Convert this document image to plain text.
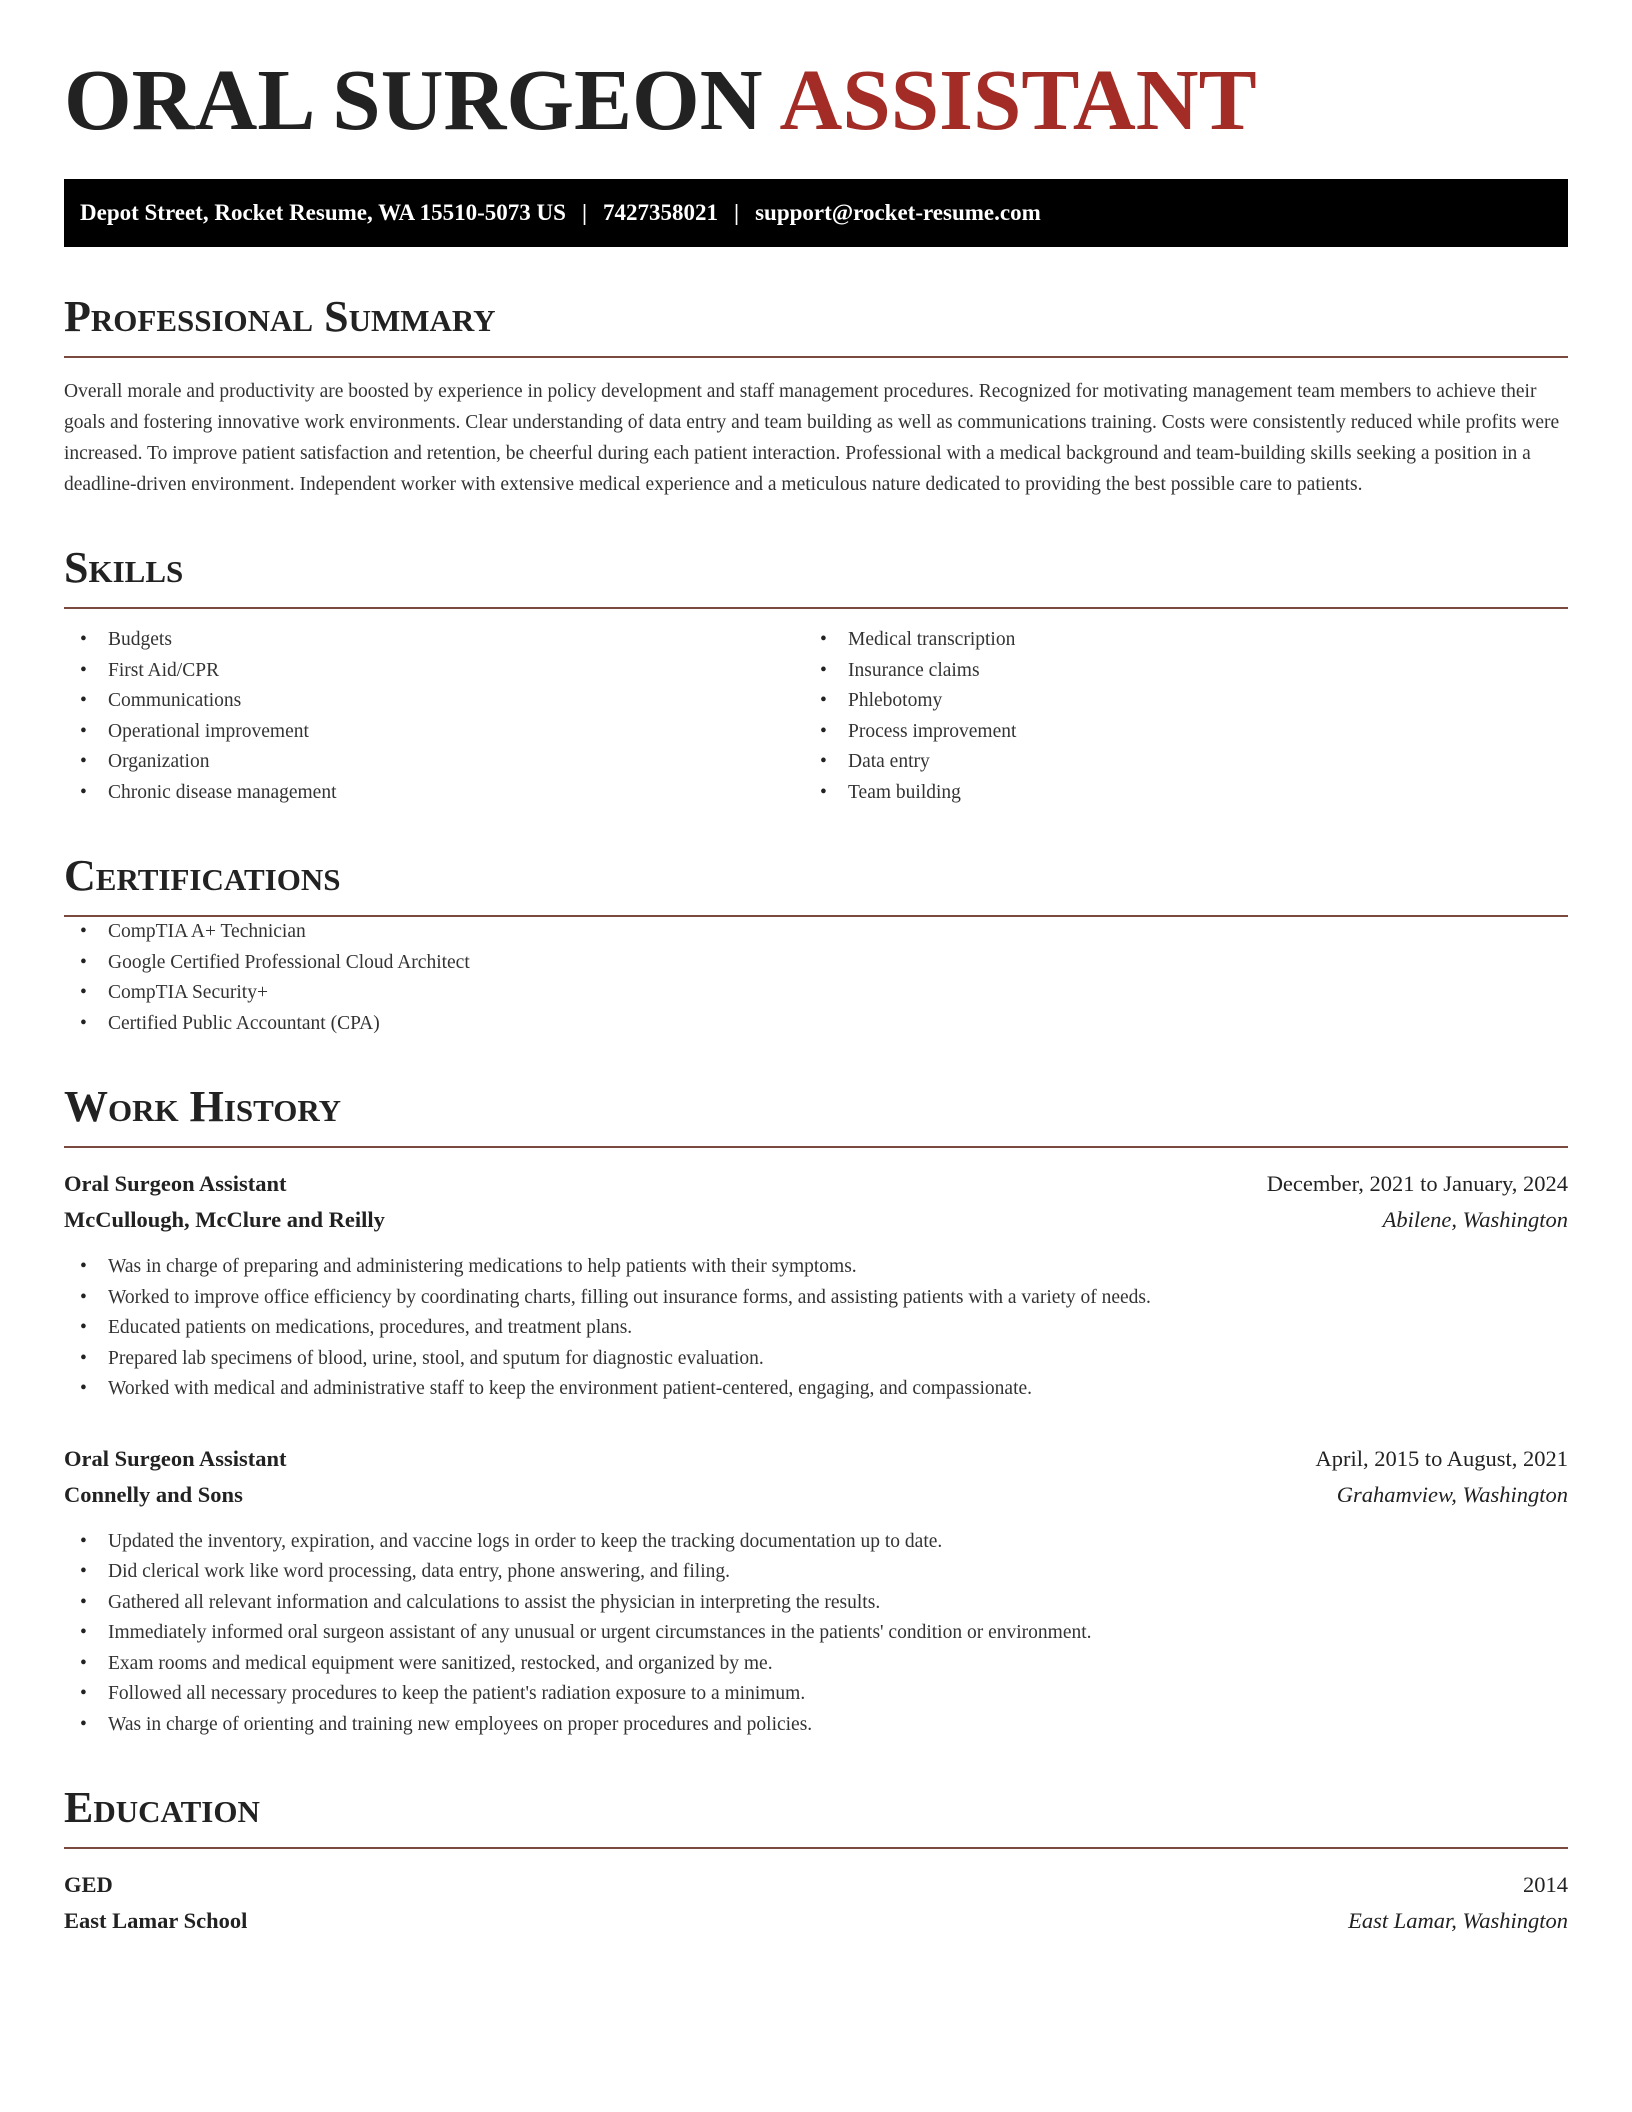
ORAL SURGEON ASSISTANT
Depot Street, Rocket Resume, WA 15510-5073 US | 7427358021 | support@rocket-resume.com
Professional Summary

Overall morale and productivity are boosted by experience in policy development and staff management procedures. Recognized for motivating management team members to achieve their goals and fostering innovative work environments. Clear understanding of data entry and team building as well as communications training. Costs were consistently reduced while profits were increased. To improve patient satisfaction and retention, be cheerful during each patient interaction. Professional with a medical background and team-building skills seeking a position in a deadline-driven environment. Independent worker with extensive medical experience and a meticulous nature dedicated to providing the best possible care to patients.

Skills
• Budgets
• First Aid/CPR
• Communications
• Operational improvement
• Organization
• Chronic disease management
• Medical transcription
• Insurance claims
• Phlebotomy
• Process improvement
• Data entry
• Team building
Certifications
• CompTIA A+ Technician
• Google Certified Professional Cloud Architect
• CompTIA Security+
• Certified Public Accountant (CPA)
Work History
Oral Surgeon Assistant	December, 2021 to January, 2024
McCullough, McClure and Reilly	Abilene, Washington
• Was in charge of preparing and administering medications to help patients with their symptoms.
• Worked to improve office efficiency by coordinating charts, filling out insurance forms, and assisting patients with a variety of needs.
• Educated patients on medications, procedures, and treatment plans.
• Prepared lab specimens of blood, urine, stool, and sputum for diagnostic evaluation.
• Worked with medical and administrative staff to keep the environment patient-centered, engaging, and compassionate.
Oral Surgeon Assistant	April, 2015 to August, 2021
Connelly and Sons	Grahamview, Washington
• Updated the inventory, expiration, and vaccine logs in order to keep the tracking documentation up to date.
• Did clerical work like word processing, data entry, phone answering, and filing.
• Gathered all relevant information and calculations to assist the physician in interpreting the results.
• Immediately informed oral surgeon assistant of any unusual or urgent circumstances in the patients' condition or environment.
• Exam rooms and medical equipment were sanitized, restocked, and organized by me.
• Followed all necessary procedures to keep the patient's radiation exposure to a minimum.
• Was in charge of orienting and training new employees on proper procedures and policies.
Education
GED	2014
East Lamar School	East Lamar, Washington
